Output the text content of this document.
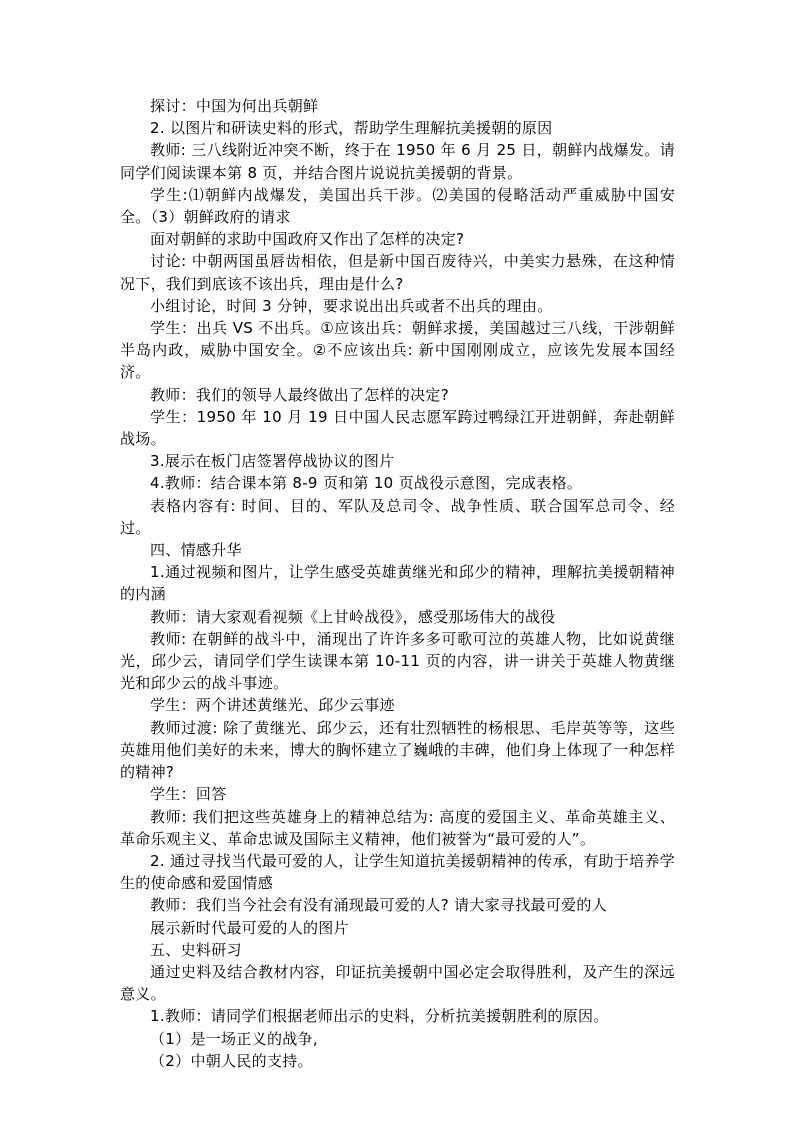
探讨：中国为何出兵朝鲜

2. 以图片和研读史料的形式，帮助学生理解抗美援朝的原因

教师: 三八线附近冲突不断，终于在 1950 年 6 月 25 日，朝鲜内战爆发。请同学们阅读课本第 8 页，并结合图片说说抗美援朝的背景。

学生:⑴朝鲜内战爆发，美国出兵干涉。⑵美国的侵略活动严重威胁中国安全。（3）朝鲜政府的请求

面对朝鲜的求助中国政府又作出了怎样的决定?

讨论: 中朝两国虽唇齿相依，但是新中国百废待兴，中美实力悬殊，在这种情况下，我们到底该不该出兵，理由是什么?

小组讨论，时间 3 分钟，要求说出出兵或者不出兵的理由。

学生：出兵 VS 不出兵。①应该出兵：朝鲜求援，美国越过三八线，干涉朝鲜半岛内政，威胁中国安全。②不应该出兵: 新中国刚刚成立，应该先发展本国经济。

教师：我们的领导人最终做出了怎样的决定?

学生：1950 年 10 月 19 日中国人民志愿军跨过鸭绿江开进朝鲜，奔赴朝鲜战场。

3.展示在板门店签署停战协议的图片

4.教师：结合课本第 8-9 页和第 10 页战役示意图，完成表格。

表格内容有: 时间、目的、军队及总司令、战争性质、联合国军总司令、经过。

四、情感升华

1.通过视频和图片，让学生感受英雄黄继光和邱少的精神，理解抗美援朝精神的内涵

教师：请大家观看视频《上甘岭战役》，感受那场伟大的战役

教师: 在朝鲜的战斗中，涌现出了许许多多可歌可泣的英雄人物，比如说黄继光，邱少云，请同学们学生读课本第 10-11 页的内容，讲一讲关于英雄人物黄继光和邱少云的战斗事迹。

学生：两个讲述黄继光、邱少云事迹

教师过渡: 除了黄继光、邱少云，还有壮烈牺牲的杨根思、毛岸英等等，这些英雄用他们美好的未来，博大的胸怀建立了巍峨的丰碑，他们身上体现了一种怎样的精神?

学生：回答

教师: 我们把这些英雄身上的精神总结为: 高度的爱国主义、革命英雄主义、革命乐观主义、革命忠诚及国际主义精神，他们被誉为“最可爱的人”。

2. 通过寻找当代最可爱的人，让学生知道抗美援朝精神的传承，有助于培养学生的使命感和爱国情感

教师：我们当今社会有没有涌现最可爱的人? 请大家寻找最可爱的人

展示新时代最可爱的人的图片

五、史料研习

通过史料及结合教材内容，印证抗美援朝中国必定会取得胜利，及产生的深远意义。

1.教师：请同学们根据老师出示的史料，分析抗美援朝胜利的原因。

（1）是一场正义的战争,

（2）中朝人民的支持。
